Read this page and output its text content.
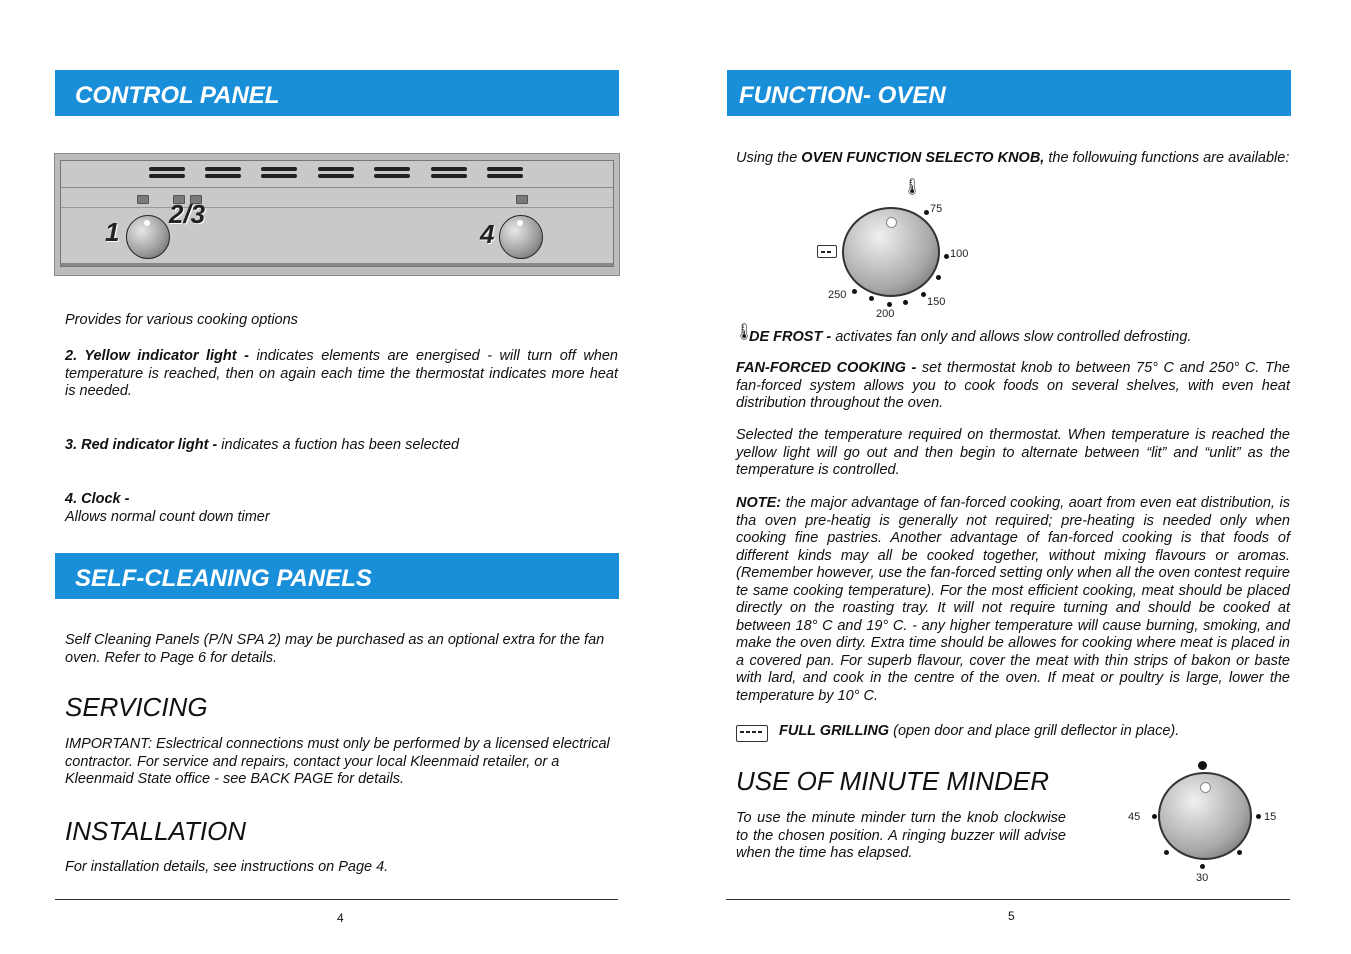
CONTROL PANEL
1
2/3
4

Provides for various cooking options

2. Yellow indicator light - indicates elements are energised - will turn off when temperature is reached, then on again each time the thermostat indicates more heat is needed.

3. Red indicator light - indicates a fuction has been selected

4. Clock -
Allows normal count down timer

SELF-CLEANING PANELS

Self Cleaning Panels (P/N SPA 2) may be purchased as an optional extra for the fan oven. Refer to Page 6 for details.

SERVICING

IMPORTANT: Eslectrical connections must only be performed by a licensed electrical contractor. For service and repairs, contact your local Kleenmaid retailer, or a Kleenmaid State office - see BACK PAGE for details.

INSTALLATION

For installation details, see instructions on Page 4.

4
FUNCTION- OVEN

Using the OVEN FUNCTION SELECTO KNOB, the followuing functions are available:

🌡
75
100
150
200
250
🌡

DE FROST - activates fan only and allows slow controlled defrosting.

FAN-FORCED COOKING - set thermostat knob to between 75° C and 250° C. The fan-forced system allows you to cook foods on several shelves, with even heat distribution throughout the oven.

Selected the temperature required on thermostat. When temperature is reached the yellow light will go out and then begin to alternate between “lit” and “unlit” as the temperature is controlled.

NOTE: the major advantage of fan-forced cooking, aoart from even eat distribution, is tha oven pre-heatig is generally not required; pre-heating is needed only when cooking fine pastries. Another advantage of fan-forced cooking is that foods of different kinds may all be cooked together, without mixing flavours or aromas. (Remember however, use the fan-forced setting only when all the oven contest require te same cooking temperature). For the most efficient cooking, meat should be placed directly on the roasting tray. It will not require turning and should be cooked at between 18° C and 19° C. - any higher temperature will cause burning, smoking, and make the oven dirty. Extra time should be allowes for cooking where meat is placed in a covered pan. For superb flavour, cover the meat with thin strips of bakon or baste with lard, and cook in the centre of the oven. If meat or poultry is large, lower the temperature by 10° C.

FULL GRILLING (open door and place grill deflector in place).

USE OF MINUTE MINDER

To use the minute minder turn the knob clockwise to the chosen position. A ringing buzzer will advise when the time has elapsed.

15
30
45
5
